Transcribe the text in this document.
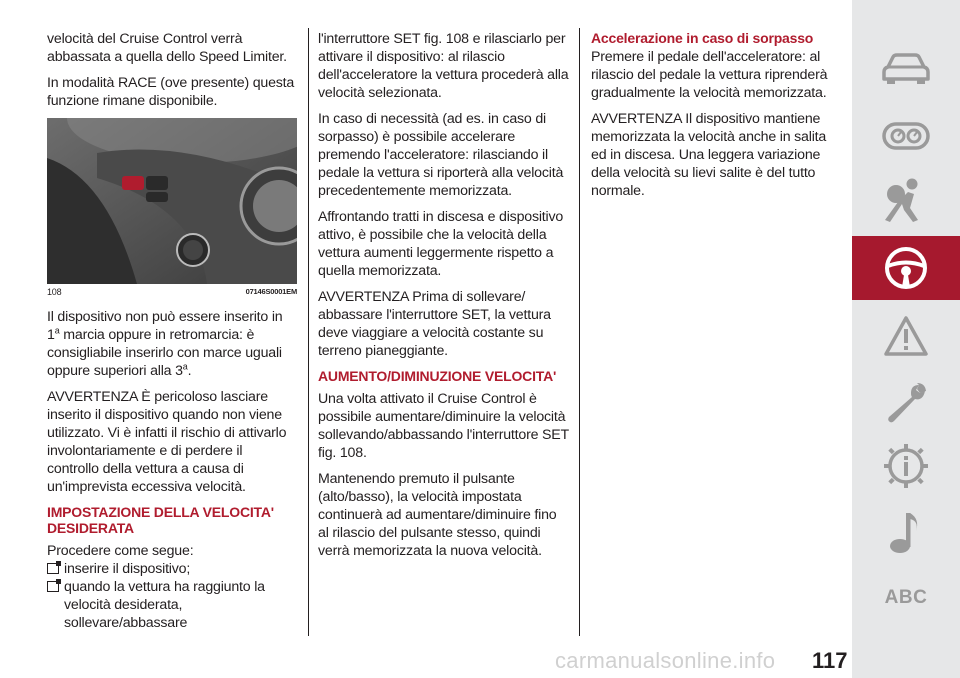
velocità del Cruise Control verrà abbassata a quella dello Speed Limiter.

In modalità RACE (ove presente) questa funzione rimane disponibile.

108	07146S0001EM

Il dispositivo non può essere inserito in 1$^a$ marcia oppure in retromarcia: è consigliabile inserirlo con marce uguali oppure superiori alla 3$^a$.

AVVERTENZA È pericoloso lasciare inserito il dispositivo quando non viene utilizzato. Vi è infatti il rischio di attivarlo involontariamente e di perdere il controllo della vettura a causa di un'imprevista eccessiva velocità.

IMPOSTAZIONE DELLA VELOCITA' DESIDERATA

Procedere come segue:

inserire il dispositivo;
quando la vettura ha raggiunto la velocità desiderata, sollevare/abbassare

l'interruttore SET fig. 108 e rilasciarlo per attivare il dispositivo: al rilascio dell'acceleratore la vettura procederà alla velocità selezionata.

In caso di necessità (ad es. in caso di sorpasso) è possibile accelerare premendo l'acceleratore: rilasciando il pedale la vettura si riporterà alla velocità precedentemente memorizzata.

Affrontando tratti in discesa e dispositivo attivo, è possibile che la velocità della vettura aumenti leggermente rispetto a quella memorizzata.

AVVERTENZA Prima di sollevare/ abbassare l'interruttore SET, la vettura deve viaggiare a velocità costante su terreno pianeggiante.

AUMENTO/DIMINUZIONE VELOCITA'

Una volta attivato il Cruise Control è possibile aumentare/diminuire la velocità sollevando/abbassando l'interruttore SET fig. 108.

Mantenendo premuto il pulsante (alto/basso), la velocità impostata continuerà ad aumentare/diminuire fino al rilascio del pulsante stesso, quindi verrà memorizzata la nuova velocità.

Accelerazione in caso di sorpasso

Premere il pedale dell'acceleratore: al rilascio del pedale la vettura riprenderà gradualmente la velocità memorizzata.

AVVERTENZA Il dispositivo mantiene memorizzata la velocità anche in salita ed in discesa. Una leggera variazione della velocità su lievi salite è del tutto normale.

ABC
carmanualsonline.info 117
